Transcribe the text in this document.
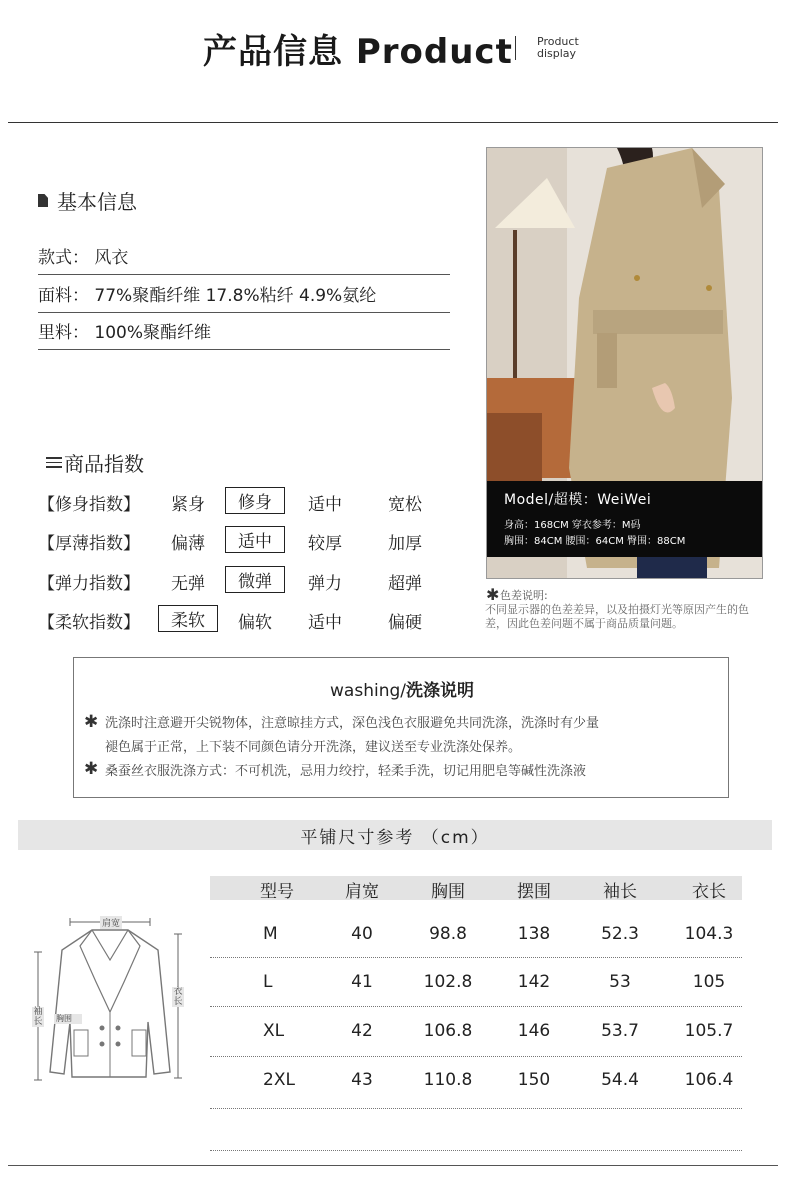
产品信息 Product Product
display
基本信息
款式： 风衣
面料： 77%聚酯纤维 17.8%粘纤 4.9%氨纶
里料： 100%聚酯纤维
商品指数
【修身指数】 紧身	修身	适中	宽松
【厚薄指数】 偏薄	适中	较厚	加厚
【弹力指数】 无弹	微弹	弹力	超弹
【柔软指数】	柔软	偏软 适中	偏硬
Model/超模：WeiWei
身高：168CM 穿衣参考：M码
胸围：84CM 腰围：64CM 臀围：88CM
✱ 色差说明:
不同显示器的色差差异，以及拍摄灯光等原因产生的色差，因此色差问题不属于商品质量问题。
washing/洗涤说明
✱ 洗涤时注意避开尖锐物体，注意晾挂方式，深色浅色衣服避免共同洗涤，洗涤时有少量
褪色属于正常，上下装不同颜色请分开洗涤，建议送至专业洗涤处保养。
✱ 桑蚕丝衣服洗涤方式：不可机洗，忌用力绞拧，轻柔手洗，切记用肥皂等碱性洗涤液
平铺尺寸参考 （cm）
肩宽
袖长 胸围
衣长
型号	肩宽	胸围	摆围	袖长	衣长
M	40	98.8	138	52.3	104.3
L	41	102.8	142	53	105
XL	42	106.8	146	53.7	105.7
2XL	43	110.8	150	54.4	106.4
